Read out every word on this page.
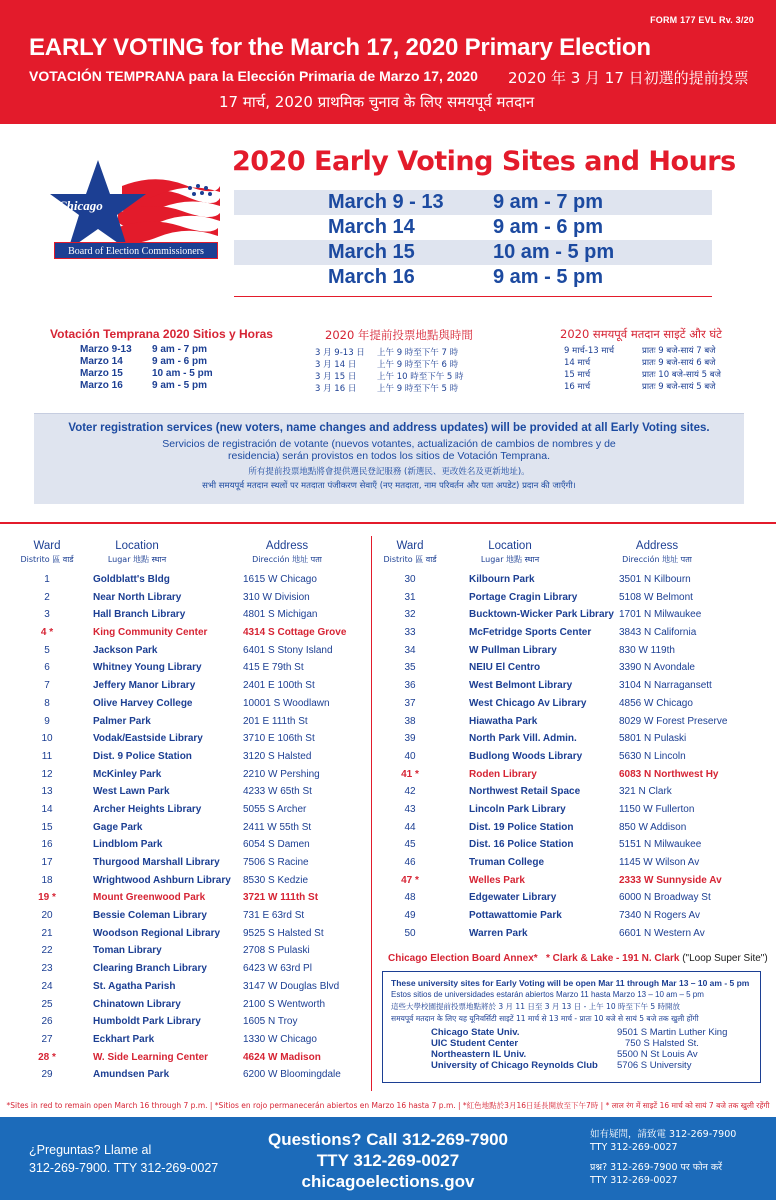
FORM 177 EVL Rv. 3/20
EARLY VOTING for the March 17, 2020 Primary Election
VOTACIÓN TEMPRANA para la Elección Primaria de Marzo 17, 2020 2020 年 3 月 17 日初選的提前投票
17 मार्च, 2020 प्राथमिक चुनाव के लिए समयपूर्व मतदान
Chicago
Board of Election Commissioners
2020 Early Voting Sites and Hours
March 9 - 13	9 am - 7 pm
March 14	9 am - 6 pm
March 15	10 am - 5 pm
March 16	9 am - 5 pm
Votación Temprana 2020 Sitios y Horas
Marzo 9-13	9 am - 7 pm
Marzo 14	9 am - 6 pm
Marzo 15	10 am - 5 pm
Marzo 16	9 am - 5 pm
2020 年提前投票地點與時間
3 月 9-13 日	上午 9 時至下午 7 時
3 月 14 日	上午 9 時至下午 6 時
3 月 15 日	上午 10 時至下午 5 時
3 月 16 日	上午 9 時至下午 5 時
2020 समयपूर्व मतदान साइटें और घंटे
9 मार्च-13 मार्च	प्रातः 9 बजे-सायं 7 बजे
14 मार्च	प्रातः 9 बजे-सायं 6 बजे
15 मार्च	प्रातः 10 बजे-सायं 5 बजे
16 मार्च	प्रातः 9 बजे-सायं 5 बजे
Voter registration services (new voters, name changes and address updates) will be provided at all Early Voting sites.
Servicios de registración de votante (nuevos votantes, actualización de cambios de nombres y de residencia) serán provistos en todos los sitios de Votación Temprana.
所有提前投票地點將會提供選民登記服務 (新選民、更改姓名及更新地址)。
सभी समयपूर्व मतदान स्थलों पर मतदाता पंजीकरण सेवाएँ (नए मतदाता, नाम परिवर्तन और पता अपडेट) प्रदान की जाएँगी।
Ward
Distrito 區 वार्ड
Location
Lugar 地點 स्थान
Address
Dirección 地址 पता
1	Goldblatt's Bldg	1615 W Chicago
2	Near North Library	310 W Division
3	Hall Branch Library	4801 S Michigan
4 *	King Community Center	4314 S Cottage Grove
5	Jackson Park	6401 S Stony Island
6	Whitney Young Library	415 E 79th St
7	Jeffery Manor Library	2401 E 100th St
8	Olive Harvey College	10001 S Woodlawn
9	Palmer Park	201 E 111th St
10	Vodak/Eastside Library	3710 E 106th St
11	Dist. 9 Police Station	3120 S Halsted
12	McKinley Park	2210 W Pershing
13	West Lawn Park	4233 W 65th St
14	Archer Heights Library	5055 S Archer
15	Gage Park	2411 W 55th St
16	Lindblom Park	6054 S Damen
17	Thurgood Marshall Library 7506 S Racine
18	Wrightwood Ashburn Library 8530 S Kedzie
19 *	Mount Greenwood Park	3721 W 111th St
20	Bessie Coleman Library	731 E 63rd St
21	Woodson Regional Library 9525 S Halsted St
22	Toman Library	2708 S Pulaski
23	Clearing Branch Library	6423 W 63rd Pl
24	St. Agatha Parish	3147 W Douglas Blvd
25	Chinatown Library	2100 S Wentworth
26	Humboldt Park Library	1605 N Troy
27	Eckhart Park	1330 W Chicago
28 *	W. Side Learning Center	4624 W Madison
29	Amundsen Park	6200 W Bloomingdale
Ward
Distrito 區 वार्ड
Location
Lugar 地點 स्थान
Address
Dirección 地址 पता
30	Kilbourn Park	3501 N Kilbourn
31	Portage Cragin Library	5108 W Belmont
32	Bucktown-Wicker Park Library 1701 N Milwaukee
33	McFetridge Sports Center	3843 N California
34	W Pullman Library	830 W 119th
35	NEIU El Centro	3390 N Avondale
36	West Belmont Library	3104 N Narragansett
37	West Chicago Av Library	4856 W Chicago
38	Hiawatha Park	8029 W Forest Preserve
39	North Park Vill. Admin.	5801 N Pulaski
40	Budlong Woods Library	5630 N Lincoln
41 *	Roden Library	6083 N Northwest Hy
42	Northwest Retail Space	321 N Clark
43	Lincoln Park Library	1150 W Fullerton
44	Dist. 19 Police Station	850 W Addison
45	Dist. 16 Police Station	5151 N Milwaukee
46	Truman College	1145 W Wilson Av
47 *	Welles Park	2333 W Sunnyside Av
48	Edgewater Library	6000 N Broadway St
49	Pottawattomie Park	7340 N Rogers Av
50	Warren Park	6601 N Western Av
Chicago Election Board Annex* * Clark & Lake - 191 N. Clark ("Loop Super Site")
These university sites for Early Voting will be open Mar 11 through Mar 13 – 10 am - 5 pm
Estos sitios de universidades estarán abiertos Marzo 11 hasta Marzo 13 – 10 am – 5 pm
這些大學校園提前投票地點將於 3 月 11 日至 3 月 13 日 - 上午 10 時至下午 5 時開放
समयपूर्व मतदान के लिए यह यूनिवर्सिटी साइटें 11 मार्च से 13 मार्च - प्रातः 10 बजे से सायं 5 बजे तक खुली होंगी
Chicago State Univ.	9501 S Martin Luther King
UIC Student Center	750 S Halsted St.
Northeastern IL Univ.	5500 N St Louis Av
University of Chicago Reynolds Club 5706 S University
*Sites in red to remain open March 16 through 7 p.m. | *Sitios en rojo permanecerán abiertos en Marzo 16 hasta 7 p.m. | *紅色地點於3月16日延長開放至下午7時 | * लाल रंग में साइटें 16 मार्च को सायं 7 बजे तक खुली रहेंगी
¿Preguntas? Llame al
312-269-7900. TTY 312-269-0027
Questions? Call 312-269-7900
TTY 312-269-0027
chicagoelections.gov
如有疑問，請致電 312-269-7900
TTY 312-269-0027
प्रश्न? 312-269-7900 पर फोन करें
TTY 312-269-0027
